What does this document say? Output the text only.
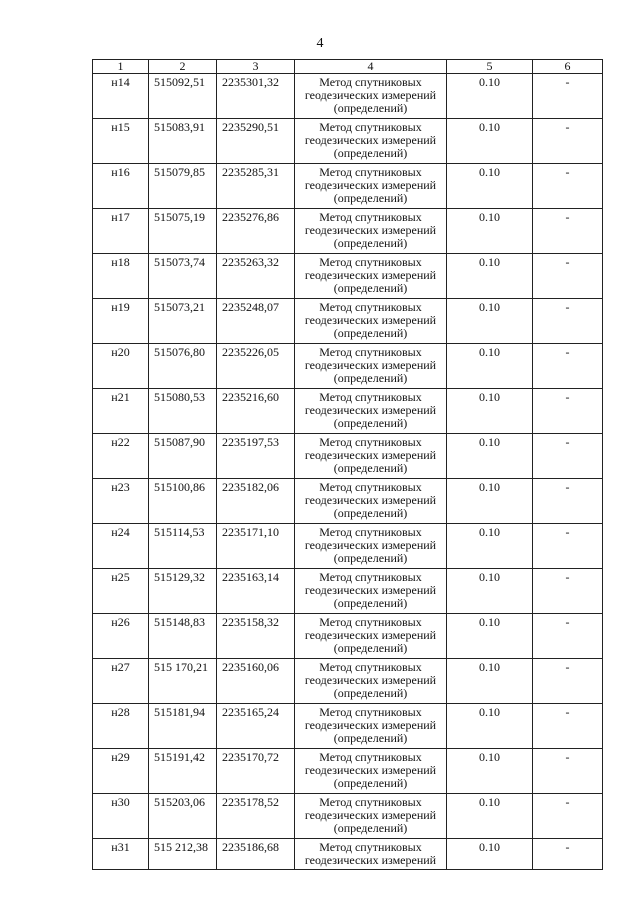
4
1	2	3	4	5	6
н14	515092,51	2235301,32	Метод спутниковых геодезических измерений (определений)	0.10	-
н15	515083,91	2235290,51	Метод спутниковых геодезических измерений (определений)	0.10	-
н16	515079,85	2235285,31	Метод спутниковых геодезических измерений (определений)	0.10	-
н17	515075,19	2235276,86	Метод спутниковых геодезических измерений (определений)	0.10	-
н18	515073,74	2235263,32	Метод спутниковых геодезических измерений (определений)	0.10	-
н19	515073,21	2235248,07	Метод спутниковых геодезических измерений (определений)	0.10	-
н20	515076,80	2235226,05	Метод спутниковых геодезических измерений (определений)	0.10	-
н21	515080,53	2235216,60	Метод спутниковых геодезических измерений (определений)	0.10	-
н22	515087,90	2235197,53	Метод спутниковых геодезических измерений (определений)	0.10	-
н23	515100,86	2235182,06	Метод спутниковых геодезических измерений (определений)	0.10	-
н24	515114,53	2235171,10	Метод спутниковых геодезических измерений (определений)	0.10	-
н25	515129,32	2235163,14	Метод спутниковых геодезических измерений (определений)	0.10	-
н26	515148,83	2235158,32	Метод спутниковых геодезических измерений (определений)	0.10	-
н27	515 170,21	2235160,06	Метод спутниковых геодезических измерений (определений)	0.10	-
н28	515181,94	2235165,24	Метод спутниковых геодезических измерений (определений)	0.10	-
н29	515191,42	2235170,72	Метод спутниковых геодезических измерений (определений)	0.10	-
н30	515203,06	2235178,52	Метод спутниковых геодезических измерений (определений)	0.10	-
н31	515 212,38	2235186,68	Метод спутниковых геодезических измерений	0.10	-
